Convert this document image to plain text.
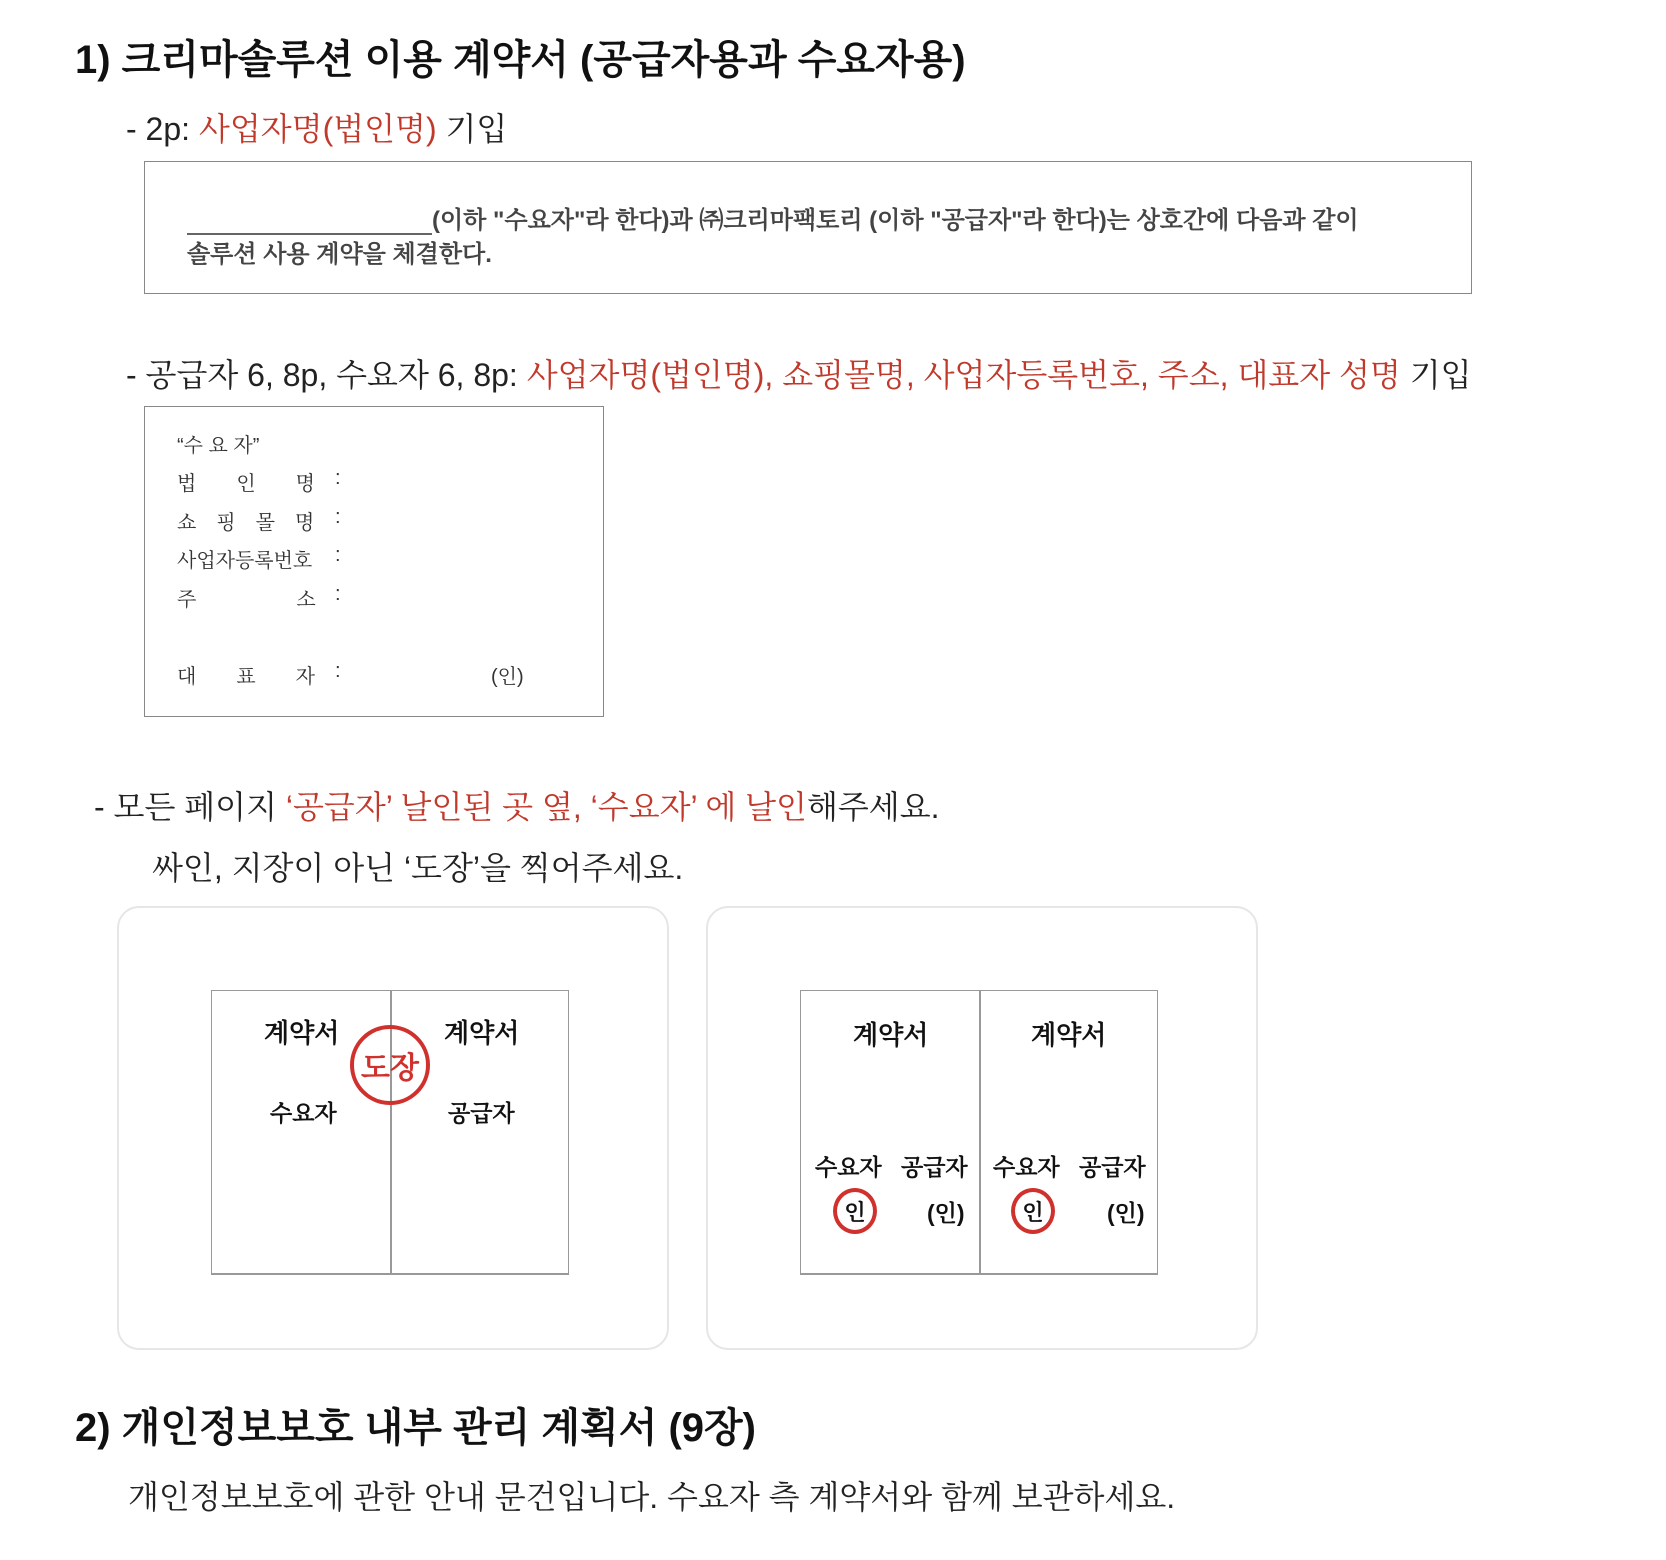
1) 크리마솔루션 이용 계약서 (공급자용과 수요자용)
- 2p: 사업자명(법인명) 기입
(이하 "수요자"라 한다)과 ㈜크리마팩토리 (이하 "공급자"라 한다)는 상호간에 다음과 같이
솔루션 사용 계약을 체결한다.
- 공급자 6, 8p, 수요자 6, 8p: 사업자명(법인명), 쇼핑몰명, 사업자등록번호, 주소, 대표자 성명 기입
“수 요 자”
법　　인　　명 :
쇼　핑　몰　명 :
사업자등록번호 :
주　　　　　소 :
대　　표　　자 :	(인)
- 모든 페이지 ‘공급자’ 날인된 곳 옆, ‘수요자’ 에 날인해주세요.
싸인, 지장이 아닌 ‘도장’을 찍어주세요.
계약서	계약서
수요자	공급자
도장
계약서	계약서
수요자 공급자 수요자 공급자
인	(인)	인	(인)
2) 개인정보보호 내부 관리 계획서 (9장)
개인정보보호에 관한 안내 문건입니다. 수요자 측 계약서와 함께 보관하세요.
